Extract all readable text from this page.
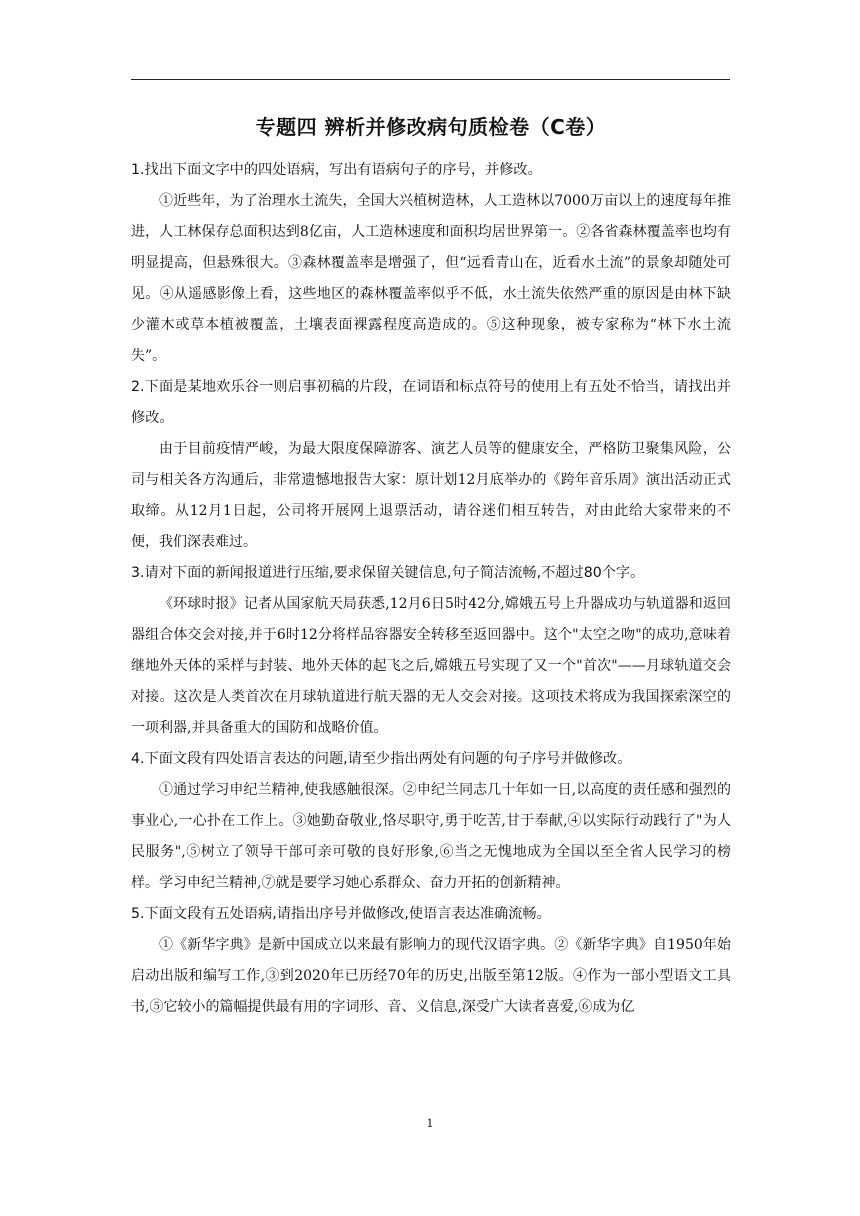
专题四 辨析并修改病句质检卷（C卷）

1.找出下面文字中的四处语病，写出有语病句子的序号，并修改。

①近些年，为了治理水土流失，全国大兴植树造林，人工造林以7000万亩以上的速度每年推进，人工林保存总面积达到8亿亩，人工造林速度和面积均居世界第一。②各省森林覆盖率也均有明显提高，但悬殊很大。③森林覆盖率是增强了，但“远看青山在，近看水土流”的景象却随处可见。④从遥感影像上看，这些地区的森林覆盖率似乎不低，水土流失依然严重的原因是由林下缺少灌木或草本植被覆盖，土壤表面裸露程度高造成的。⑤这种现象，被专家称为“林下水土流失”。

2.下面是某地欢乐谷一则启事初稿的片段，在词语和标点符号的使用上有五处不恰当，请找出并修改。

由于目前疫情严峻，为最大限度保障游客、演艺人员等的健康安全，严格防卫聚集风险，公司与相关各方沟通后，非常遗憾地报告大家：原计划12月底举办的《跨年音乐周》演出活动正式取缔。从12月1日起，公司将开展网上退票活动，请谷迷们相互转告，对由此给大家带来的不便，我们深表难过。

3.请对下面的新闻报道进行压缩,要求保留关键信息,句子简洁流畅,不超过80个字。

《环球时报》记者从国家航天局获悉,12月6日5时42分,嫦娥五号上升器成功与轨道器和返回器组合体交会对接,并于6时12分将样品容器安全转移至返回器中。这个"太空之吻"的成功,意味着继地外天体的采样与封装、地外天体的起飞之后,嫦娥五号实现了又一个"首次"——月球轨道交会对接。这次是人类首次在月球轨道进行航天器的无人交会对接。这项技术将成为我国探索深空的一项利器,并具备重大的国防和战略价值。

4.下面文段有四处语言表达的问题,请至少指出两处有问题的句子序号并做修改。

①通过学习申纪兰精神,使我感触很深。②申纪兰同志几十年如一日,以高度的责任感和强烈的事业心,一心扑在工作上。③她勤奋敬业,恪尽职守,勇于吃苦,甘于奉献,④以实际行动践行了"为人民服务",⑤树立了领导干部可亲可敬的良好形象,⑥当之无愧地成为全国以至全省人民学习的榜样。学习申纪兰精神,⑦就是要学习她心系群众、奋力开拓的创新精神。

5.下面文段有五处语病,请指出序号并做修改,使语言表达准确流畅。

①《新华字典》是新中国成立以来最有影响力的现代汉语字典。②《新华字典》自1950年始启动出版和编写工作,③到2020年已历经70年的历史,出版至第12版。④作为一部小型语文工具书,⑤它较小的篇幅提供最有用的字词形、音、义信息,深受广大读者喜爱,⑥成为亿

1
